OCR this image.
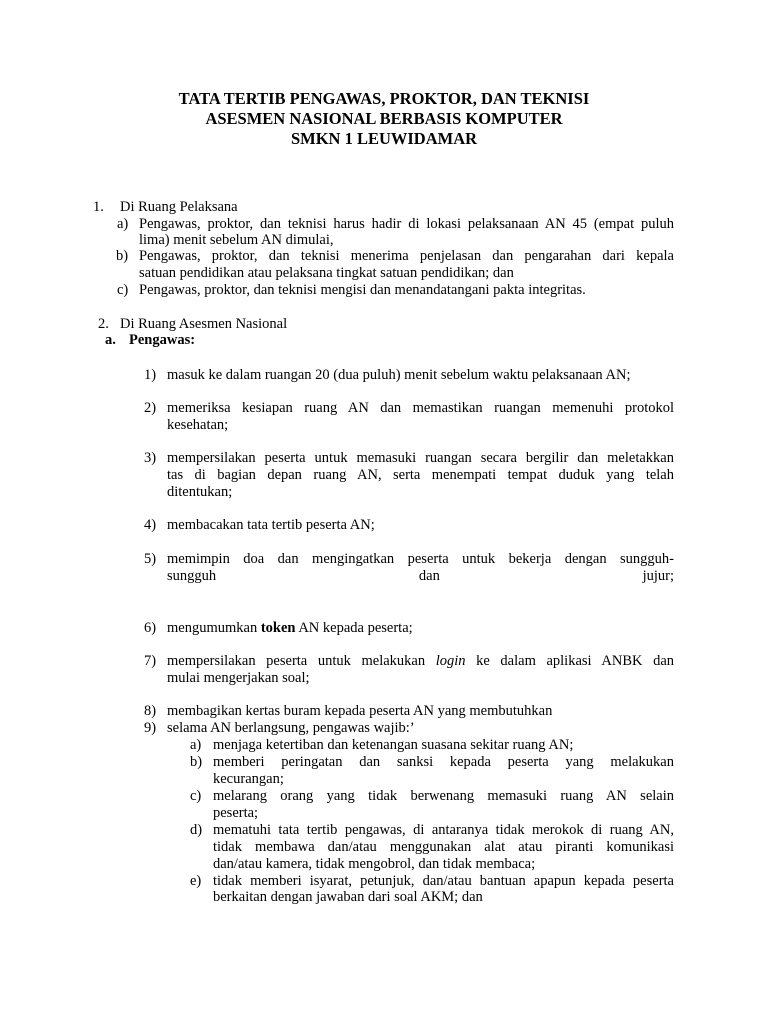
TATA TERTIB PENGAWAS, PROKTOR, DAN TEKNISI
ASESMEN NASIONAL BERBASIS KOMPUTER
SMKN 1 LEUWIDAMAR
1. Di Ruang Pelaksana
a) Pengawas, proktor, dan teknisi harus hadir di lokasi pelaksanaan AN 45 (empat puluh
lima) menit sebelum AN dimulai,
b) Pengawas, proktor, dan teknisi menerima penjelasan dan pengarahan dari kepala
satuan pendidikan atau pelaksana tingkat satuan pendidikan; dan
c) Pengawas, proktor, dan teknisi mengisi dan menandatangani pakta integritas.
2. Di Ruang Asesmen Nasional
a. Pengawas:
1) masuk ke dalam ruangan 20 (dua puluh) menit sebelum waktu pelaksanaan AN;
2) memeriksa kesiapan ruang AN dan memastikan ruangan memenuhi protokol
kesehatan;
3) mempersilakan peserta untuk memasuki ruangan secara bergilir dan meletakkan
tas di bagian depan ruang AN, serta menempati tempat duduk yang telah
ditentukan;
4) membacakan tata tertib peserta AN;
5) memimpin doa dan mengingatkan peserta untuk bekerja dengan sungguh-
sungguh dan jujur;
6) mengumumkan token AN kepada peserta;
7) mempersilakan peserta untuk melakukan login ke dalam aplikasi ANBK dan
mulai mengerjakan soal;
8) membagikan kertas buram kepada peserta AN yang membutuhkan
9) selama AN berlangsung, pengawas wajib:’
a) menjaga ketertiban dan ketenangan suasana sekitar ruang AN;
b) memberi peringatan dan sanksi kepada peserta yang melakukan
kecurangan;
c) melarang orang yang tidak berwenang memasuki ruang AN selain
peserta;
d) mematuhi tata tertib pengawas, di antaranya tidak merokok di ruang AN,
tidak membawa dan/atau menggunakan alat atau piranti komunikasi
dan/atau kamera, tidak mengobrol, dan tidak membaca;
e) tidak memberi isyarat, petunjuk, dan/atau bantuan apapun kepada peserta
berkaitan dengan jawaban dari soal AKM; dan
